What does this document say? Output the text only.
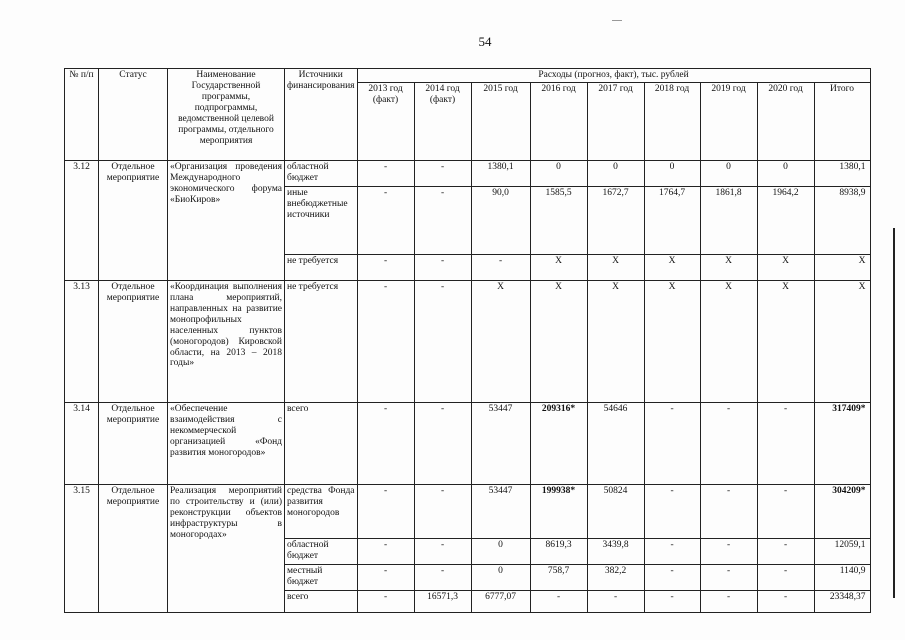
54
№ п/п	Статус	Наименование Государственной программы, подпрограммы, ведомственной целевой программы, отдельного мероприятия	Источники финансирования	Расходы (прогноз, факт), тыс. рублей								
				2013 год (факт)	2014 год (факт)	2015 год	2016 год	2017 год	2018 год	2019 год	2020 год	Итого
3.12	Отдельное мероприятие	«Организация проведения Международного экономического форума «БиоКиров»	областной бюджет	-	-	1380,1	0	0	0	0	0	1380,1
			иные внебюджетные источники	-	-	90,0	1585,5	1672,7	1764,7	1861,8	1964,2	8938,9
			не требуется	-	-	-	X	X	X	X	X	X
3.13	Отдельное мероприятие	«Координация выполнения плана мероприятий, направленных на развитие монопрофильных населенных пунктов (моногородов) Кировской области, на 2013 – 2018 годы»	не требуется	-	-	X	X	X	X	X	X	X
3.14	Отдельное мероприятие	«Обеспечение взаимодействия с некоммерческой организацией «Фонд развития моногородов»	всего	-	-	53447	209316*	54646	-	-	-	317409*
3.15	Отдельное мероприятие	Реализация мероприятий по строительству и (или) реконструкции объектов инфраструктуры в моногородах»	средства Фонда развития моногородов	-	-	53447	199938*	50824	-	-	-	304209*
			областной бюджет	-	-	0	8619,3	3439,8	-	-	-	12059,1
			местный бюджет	-	-	0	758,7	382,2	-	-	-	1140,9
			всего	-	16571,3	6777,07	-	-	-	-	-	23348,37
